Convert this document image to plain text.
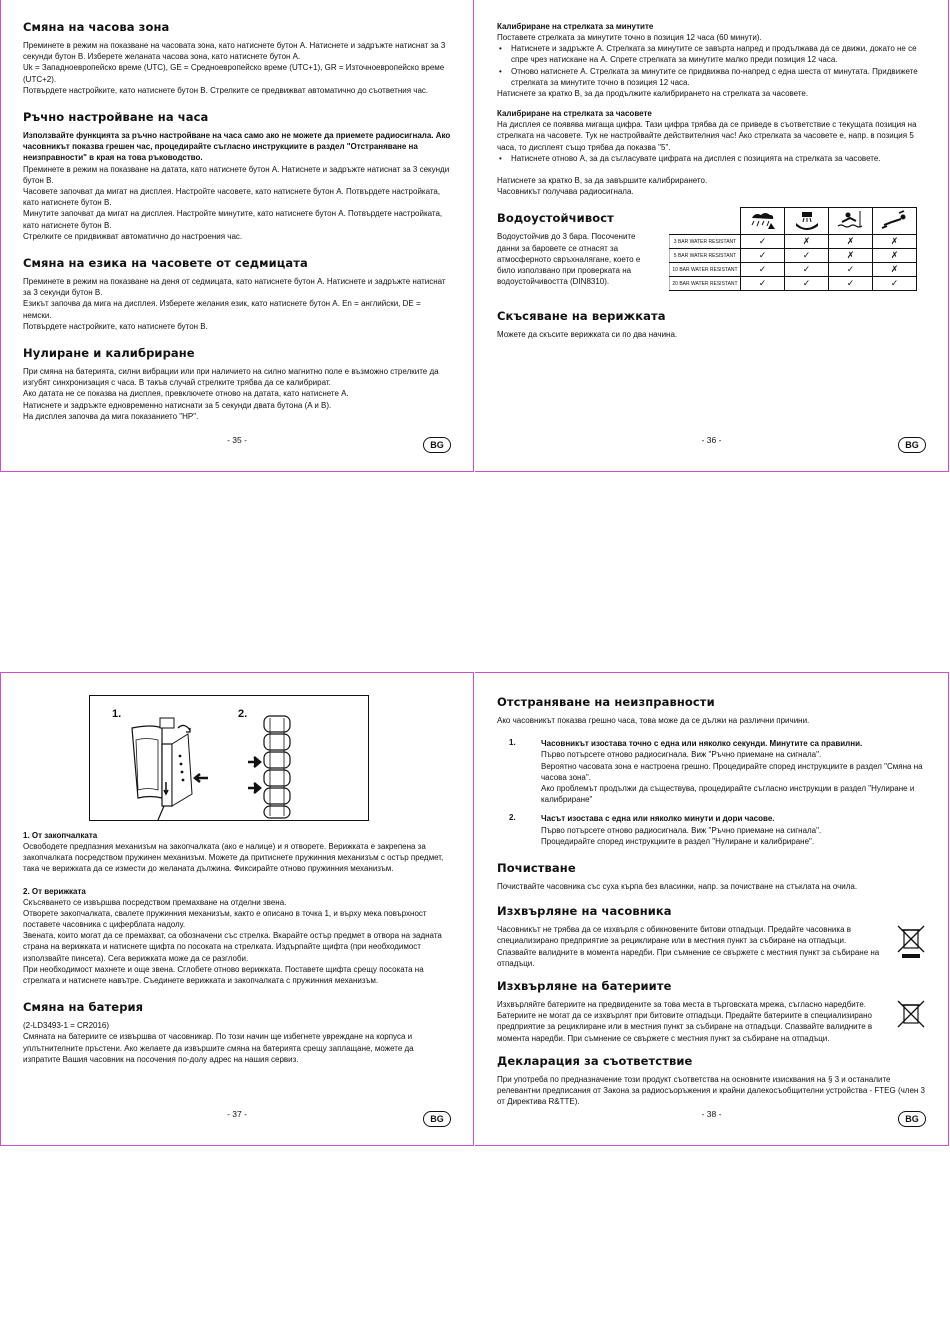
Смяна на часова зона

Преминете в режим на показване на часовата зона, като натиснете бутон А. Натиснете и задръжте натиснат за 3 секунди бутон В. Изберете желаната часова зона, като натиснете бутон А.

Uk = Западноевропейско време (UTC), GE = Средноевропейско време (UTC+1), GR = Източноевропейско време (UTC+2).

Потвърдете настройките, като натиснете бутон В. Стрелките се предвижват автоматично до съответния час.

Ръчно настройване на часа

Използвайте функцията за ръчно настройване на часа само ако не можете да приемете радиосигнала. Ако часовникът показва грешен час, процедирайте съгласно инструкциите в раздел "Отстраняване на неизправности" в края на това ръководство.

Преминете в режим на показване на датата, като натиснете бутон А. Натиснете и задръжте натиснат за 3 секунди бутон В.

Часовете започват да мигат на дисплея. Настройте часовете, като натиснете бутон А. Потвърдете настройката, като натиснете бутон В.

Минутите започват да мигат на дисплея. Настройте минутите, като натиснете бутон А. Потвърдете настройката, като натиснете бутон В.

Стрелките се придвижват автоматично до настроения час.

Смяна на езика на часовете от седмицата

Преминете в режим на показване на деня от седмицата, като натиснете бутон А. Натиснете и задръжте натиснат за 3 секунди бутон В.

Езикът започва да мига на дисплея. Изберете желания език, като натиснете бутон А. En = английски, DE = немски.

Потвърдете настройките, като натиснете бутон В.

Нулиране и калибриране

При смяна на батерията, силни вибрации или при наличието на силно магнитно поле е възможно стрелките да изгубят синхронизация с часа. В такъв случай стрелките трябва да се калибрират.

Ако датата не се показва на дисплея, превключете отново на датата, като натиснете А.

Натиснете и задръжте едновременно натиснати за 5 секунди двата бутона (A и B).

На дисплея започва да мига показанието "HP".

- 35 -	BG
Калибриране на стрелката за минутите

Поставете стрелката за минутите точно в позиция 12 часа (60 минути).

• Натиснете и задръжте А. Стрелката за минутите се завърта напред и продължава да се движи, докато не се спре чрез натискане на А. Спрете стрелката за минутите малко преди позиция 12 часа.
• Отново натиснете А. Стрелката за минутите се придвижва по-напред с една шеста от минутата. Придвижете стрелката за минутите точно в позиция 12 часа.

Натиснете за кратко В, за да продължите калибрирането на стрелката за часовете.

Калибриране на стрелката за часовете

На дисплея се появява мигаща цифра. Тази цифра трябва да се приведе в съответствие с текущата позиция на стрелката на часовете. Тук не настройвайте действителния час! Ако стрелката за часовете е, напр. в позиция 5 часа, то дисплеят също трябва да показва "5".

• Натиснете отново А, за да съгласувате цифрата на дисплея с позицията на стрелката за часовете.

Натиснете за кратко В, за да завършите калибрирането.

Часовникът получава радиосигнала.

Водоустойчивост

Водоустойчив до 3 бара. Посочените данни за баровете се отнасят за атмосферното свръхналягане, което е било използвано при проверката на водоустойчивостта (DIN8310).

3 BAR WATER RESISTANT	✓	✗	✗	✗
5 BAR WATER RESISTANT	✓	✓	✗	✗
10 BAR WATER RESISTANT	✓	✓	✓	✗
20 BAR WATER RESISTANT	✓	✓	✓	✓
Скъсяване на верижката

Можете да скъсите верижката си по два начина.

- 36 -	BG
1.	2.
1. От закопчалката

Освободете предпазния механизъм на закопчалката (ако е налице) и я отворете. Верижката е закрепена за закопчалката посредством пружинен механизъм. Можете да притиснете пружинния механизъм с остър предмет, така че верижката да се измести до желаната дължина. Фиксирайте отново пружинния механизъм.

2. От верижката

Скъсяването се извършва посредством премахване на отделни звена.

Отворете закопчалката, свалете пружинния механизъм, както е описано в точка 1, и върху мека повърхност поставете часовника с циферблата надолу.

Звената, които могат да се премахват, са обозначени със стрелка. Вкарайте остър предмет в отвора на задната страна на верижката и натиснете щифта по посоката на стрелката. Издърпайте щифта (при необходимост използвайте пинсета). Сега верижката може да се разглоби.

При необходимост махнете и още звена. Сглобете отново верижката. Поставете щифта срещу посоката на стрелката и натиснете навътре. Съединете верижката и закопчалката с пружинния механизъм.

Смяна на батерия

(2-LD3493-1 = CR2016)

Смяната на батериите се извършва от часовникар. По този начин ще избегнете увреждане на корпуса и уплътнителните пръстени. Ако желаете да извършите смяна на батерията срещу заплащане, можете да изпратите Вашия часовник на посочения по-долу адрес на нашия сервиз.

- 37 -	BG
Отстраняване на неизправности

Ако часовникът показва грешно часа, това може да се дължи на различни причини.

1.	Часовникът изостава точно с една или няколко секунди. Минутите са правилни.

Първо потърсете отново радиосигнала. Виж "Ръчно приемане на сигнала".

Вероятно часовата зона е настроена грешно. Процедирайте според инструкциите в раздел "Смяна на часова зона".

Ако проблемът продължи да съществува, процедирайте съгласно инструкции в раздел "Нулиране и калибриране"

2.	Часът изостава с една или няколко минути и дори часове.

Първо потърсете отново радиосигнала. Виж "Ръчно приемане на сигнала".

Процедирайте според инструкциите в раздел "Нулиране и калибриране".

Почистване

Почиствайте часовника със суха кърпа без власинки, напр. за почистване на стъклата на очила.

Изхвърляне на часовника

Часовникът не трябва да се изхвърля с обикновените битови отпадъци. Предайте часовника в специализирано предприятие за рециклиране или в местния пункт за събиране на отпадъци. Спазвайте валидните в момента наредби. При съмнение се свържете с местния пункт за събиране на отпадъци.

Изхвърляне на батериите

Изхвърляйте батериите на предвидените за това места в търговската мрежа, съгласно наредбите. Батериите не могат да се изхвърлят при битовите отпадъци. Предайте батериите в специализирано предприятие за рециклиране или в местния пункт за събиране на отпадъци. Спазвайте валидните в момента наредби. При съмнение се свържете с местния пункт за събиране на отпадъци.

Декларация за съответствие

При употреба по предназначение този продукт съответства на основните изисквания на § 3 и останалите релевантни предписания от Закона за радиосъоръжения и крайни далекосъобщителни устройства - FTEG (член 3 от Директива R&TTE).

- 38 -	BG
